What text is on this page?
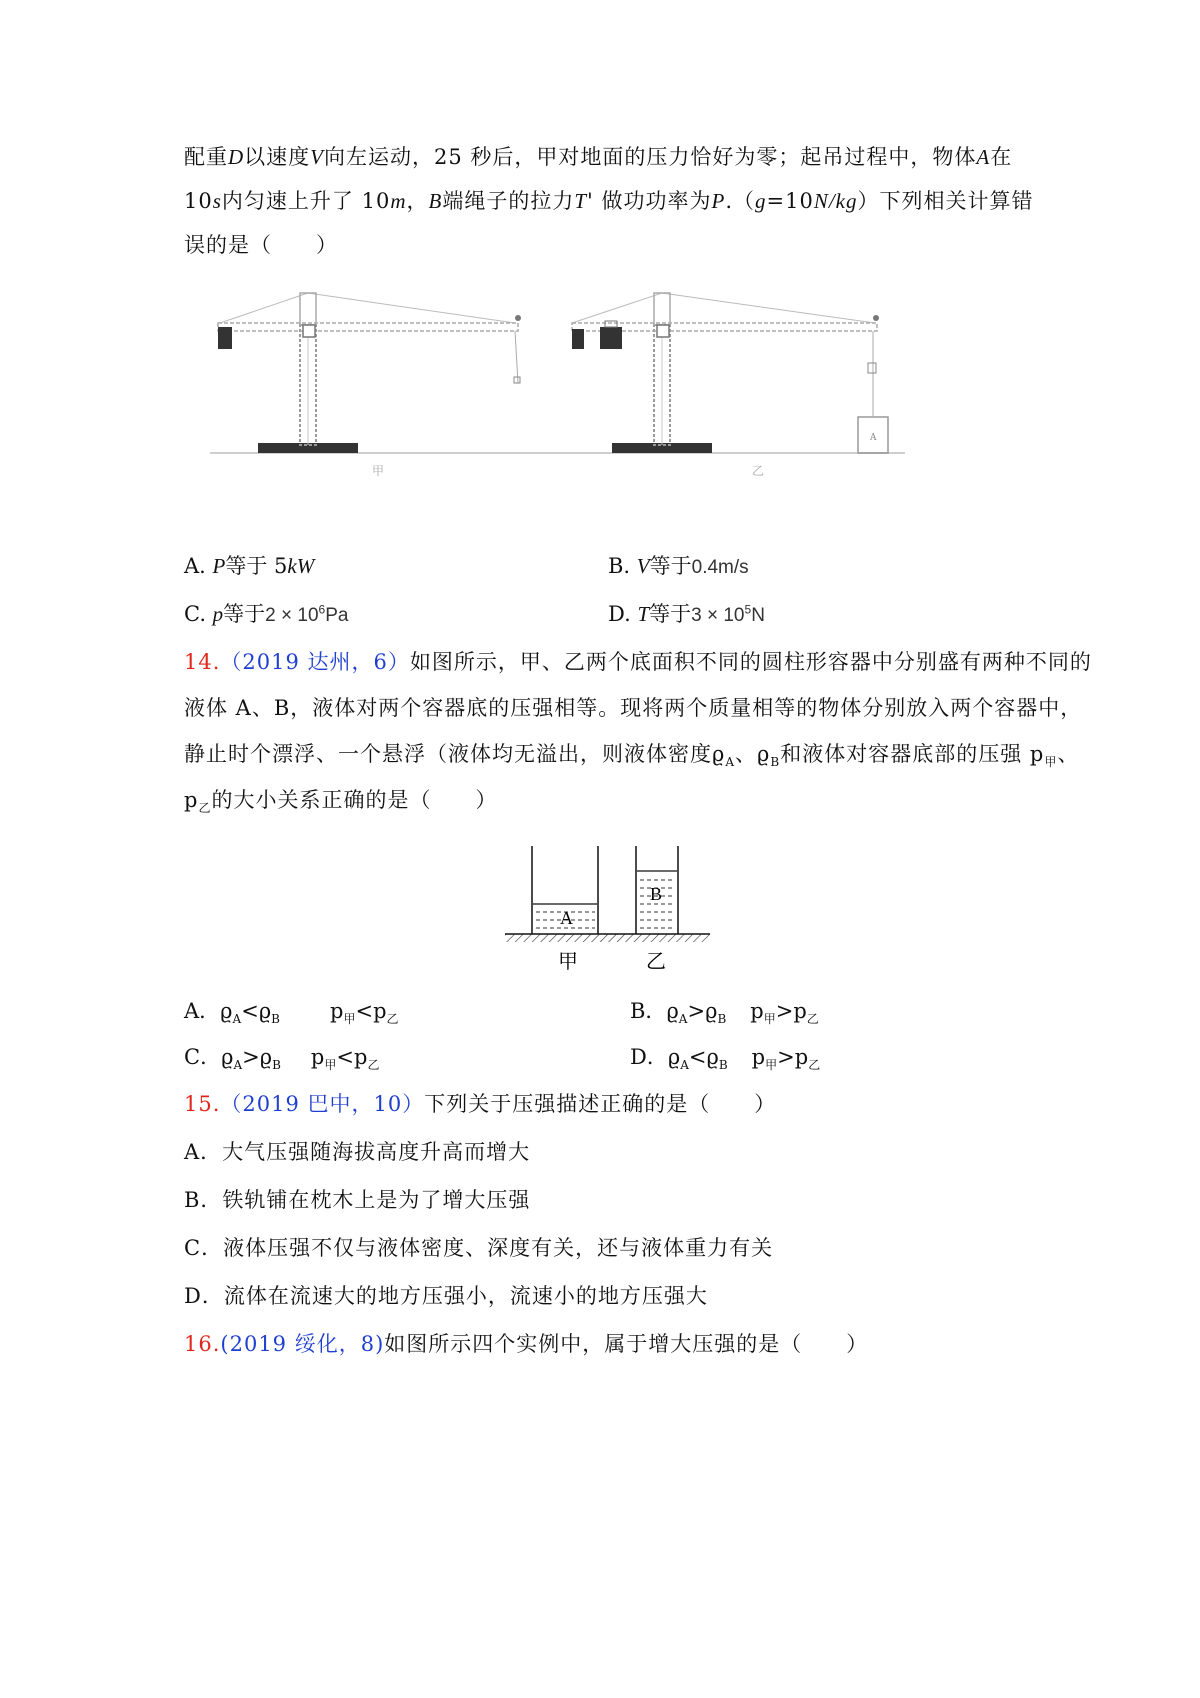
配重D以速度V向左运动，25 秒后，甲对地面的压力恰好为零；起吊过程中，物体A在
10s内匀速上升了 10m，B端绳子的拉力T' 做功功率为P.（g=10N/kg）下列相关计算错
误的是（　　）
甲
A
乙
A. P等于 5kW	B. V等于0.4m/s
C. p等于$2 \times 10^6Pa$	D. T等于$3 \times 10^5N$
14.（2019 达州，6）如图所示，甲、乙两个底面积不同的圆柱形容器中分别盛有两种不同的
液体 A、B，液体对两个容器底的压强相等。现将两个质量相等的物体分别放入两个容器中，
静止时个漂浮、一个悬浮（液体均无溢出，则液体密度$ϱ_A$、$ϱ_B$和液体对容器底部的压强 $p_甲$、
$p_乙$的大小关系正确的是（　　）
A
B
甲	乙
A．$ϱ_A<ϱ_B$ $p_甲<p_乙$	B．$ϱ_A>ϱ_B$ $p_甲>p_乙$
C．$ϱ_A>ϱ_B$ $p_甲<p_乙$	D．$ϱ_A<ϱ_B$ $p_甲>p_乙$
15.（2019 巴中，10）下列关于压强描述正确的是（　　）
A．大气压强随海拔高度升高而增大
B．铁轨铺在枕木上是为了增大压强
C．液体压强不仅与液体密度、深度有关，还与液体重力有关
D．流体在流速大的地方压强小，流速小的地方压强大
16.(2019 绥化，8)如图所示四个实例中，属于增大压强的是（　　）
